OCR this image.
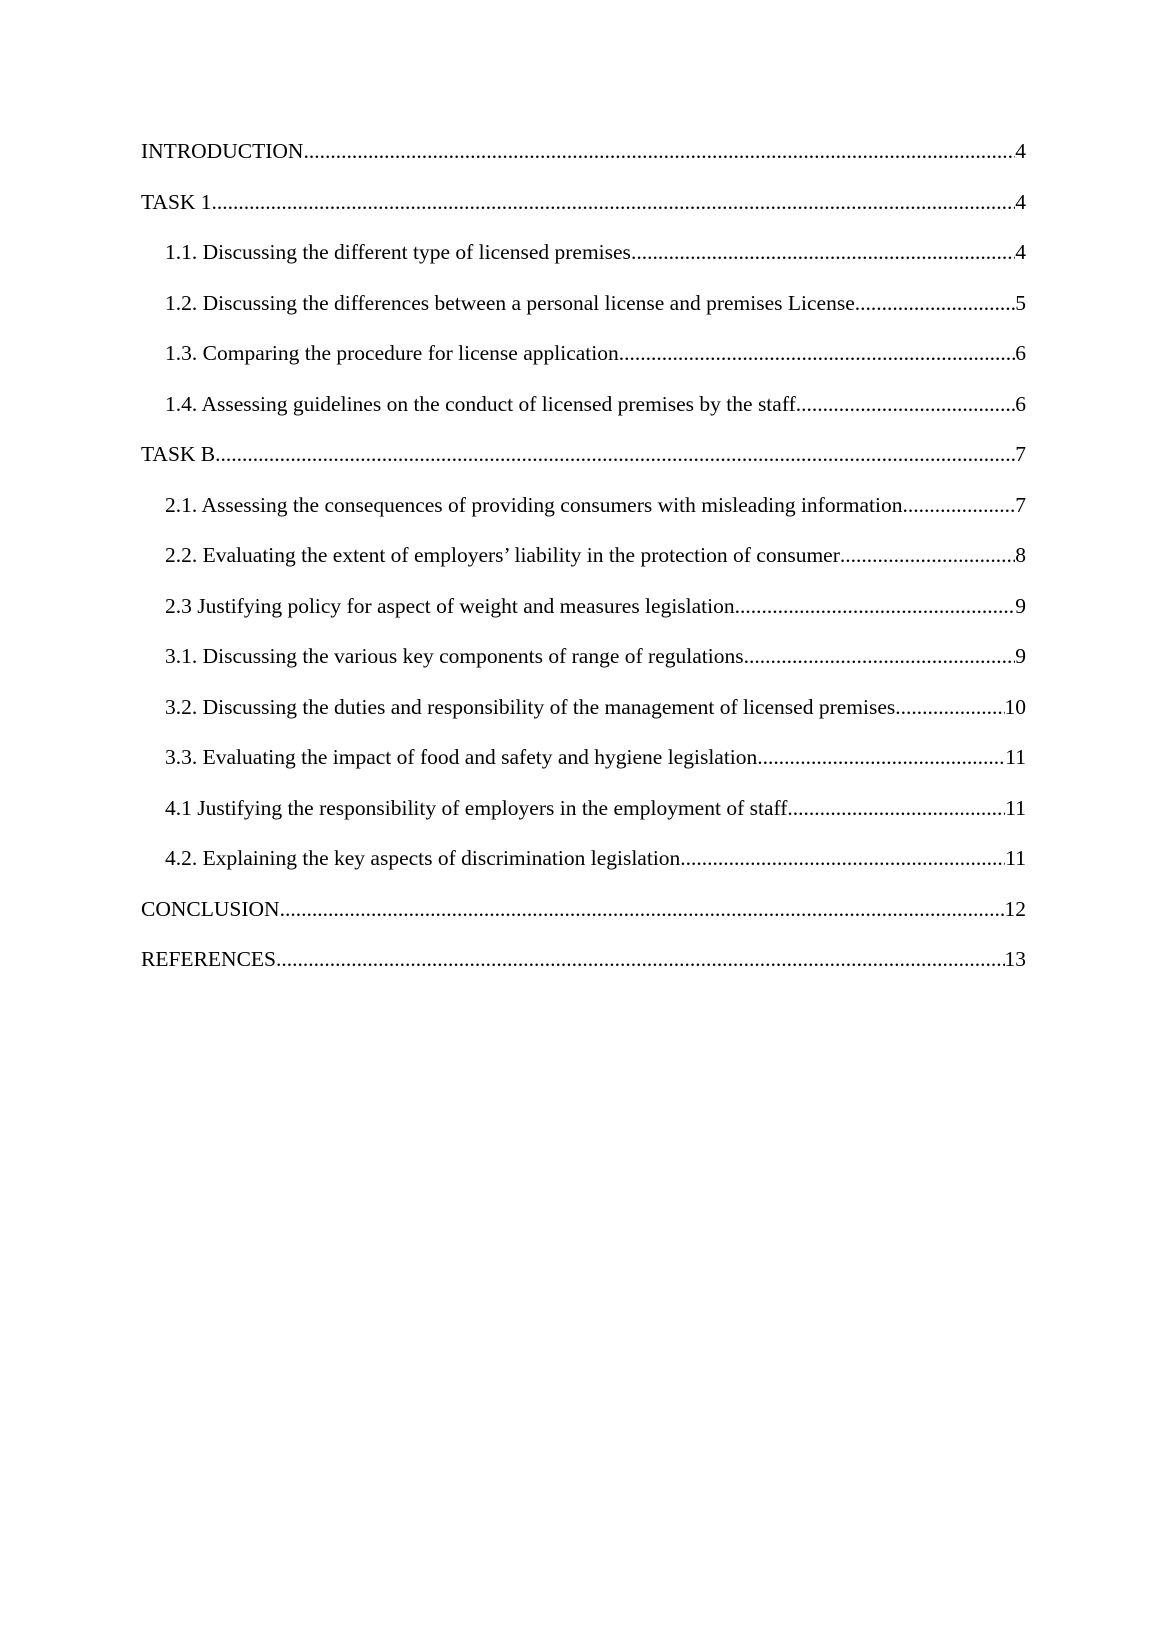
INTRODUCTION .....	4
TASK 1 .....	4
1.1. Discussing the different type of licensed premises .....	4
1.2. Discussing the differences between a personal license and premises License .....	5
1.3. Comparing the procedure for license application .....	6
1.4. Assessing guidelines on the conduct of licensed premises by the staff .....	6
TASK B .....	7
2.1. Assessing the consequences of providing consumers with misleading information .....	7
2.2. Evaluating the extent of employers’ liability in the protection of consumer .....	8
2.3 Justifying policy for aspect of weight and measures legislation .....	9
3.1. Discussing the various key components of range of regulations .....	9
3.2. Discussing the duties and responsibility of the management of licensed premises .....	10
3.3. Evaluating the impact of food and safety and hygiene legislation .....	11
4.1 Justifying the responsibility of employers in the employment of staff .....	11
4.2. Explaining the key aspects of discrimination legislation .....	11
CONCLUSION .....	12
REFERENCES .....	13
